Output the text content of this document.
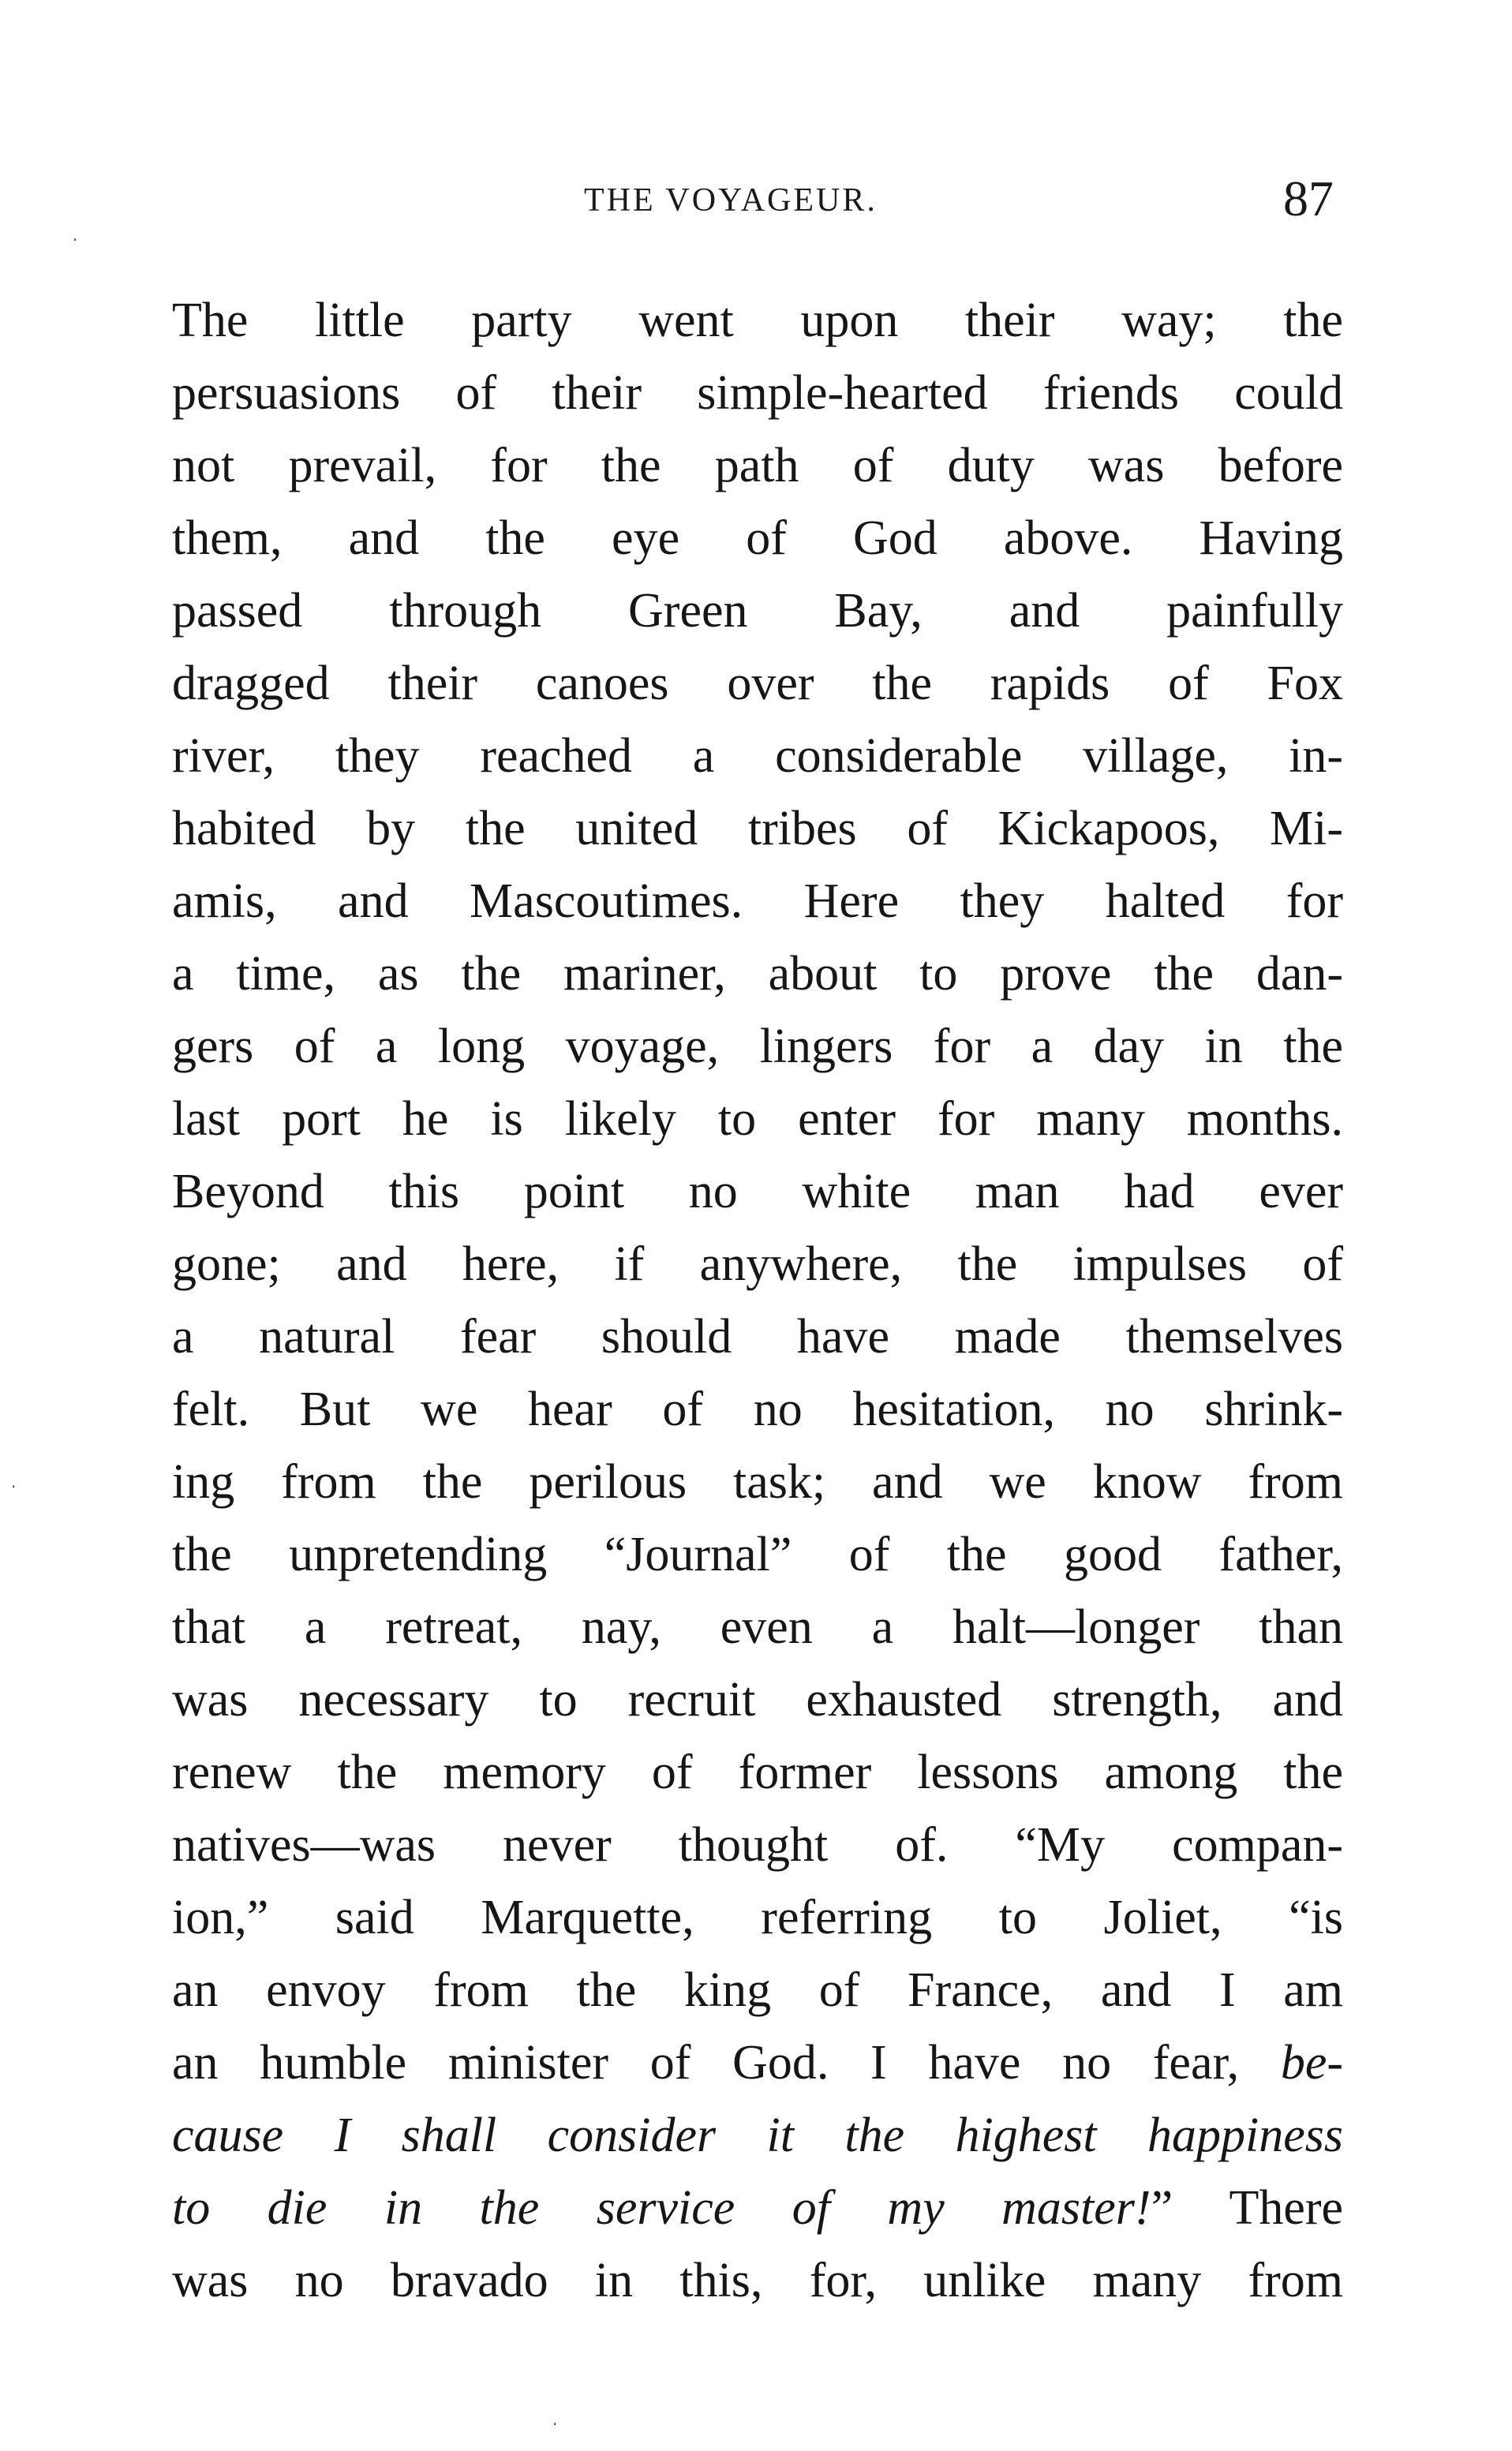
THE VOYAGEUR.	87
The little party went upon their way; the
persuasions of their simple-hearted friends could
not prevail, for the path of duty was before
them, and the eye of God above. Having
passed through Green Bay, and painfully
dragged their canoes over the rapids of Fox
river, they reached a considerable village, in-
habited by the united tribes of Kickapoos, Mi-
amis, and Mascoutimes. Here they halted for
a time, as the mariner, about to prove the dan-
gers of a long voyage, lingers for a day in the
last port he is likely to enter for many months.
Beyond this point no white man had ever
gone; and here, if anywhere, the impulses of
a natural fear should have made themselves
felt. But we hear of no hesitation, no shrink-
ing from the perilous task; and we know from
the unpretending “Journal” of the good father,
that a retreat, nay, even a halt—longer than
was necessary to recruit exhausted strength, and
renew the memory of former lessons among the
natives—was never thought of. “My compan-
ion,” said Marquette, referring to Joliet, “is
an envoy from the king of France, and I am
an humble minister of God. I have no fear, be-
cause I shall consider it the highest happiness
to die in the service of my master!” There
was no bravado in this, for, unlike many from
·
·
·
